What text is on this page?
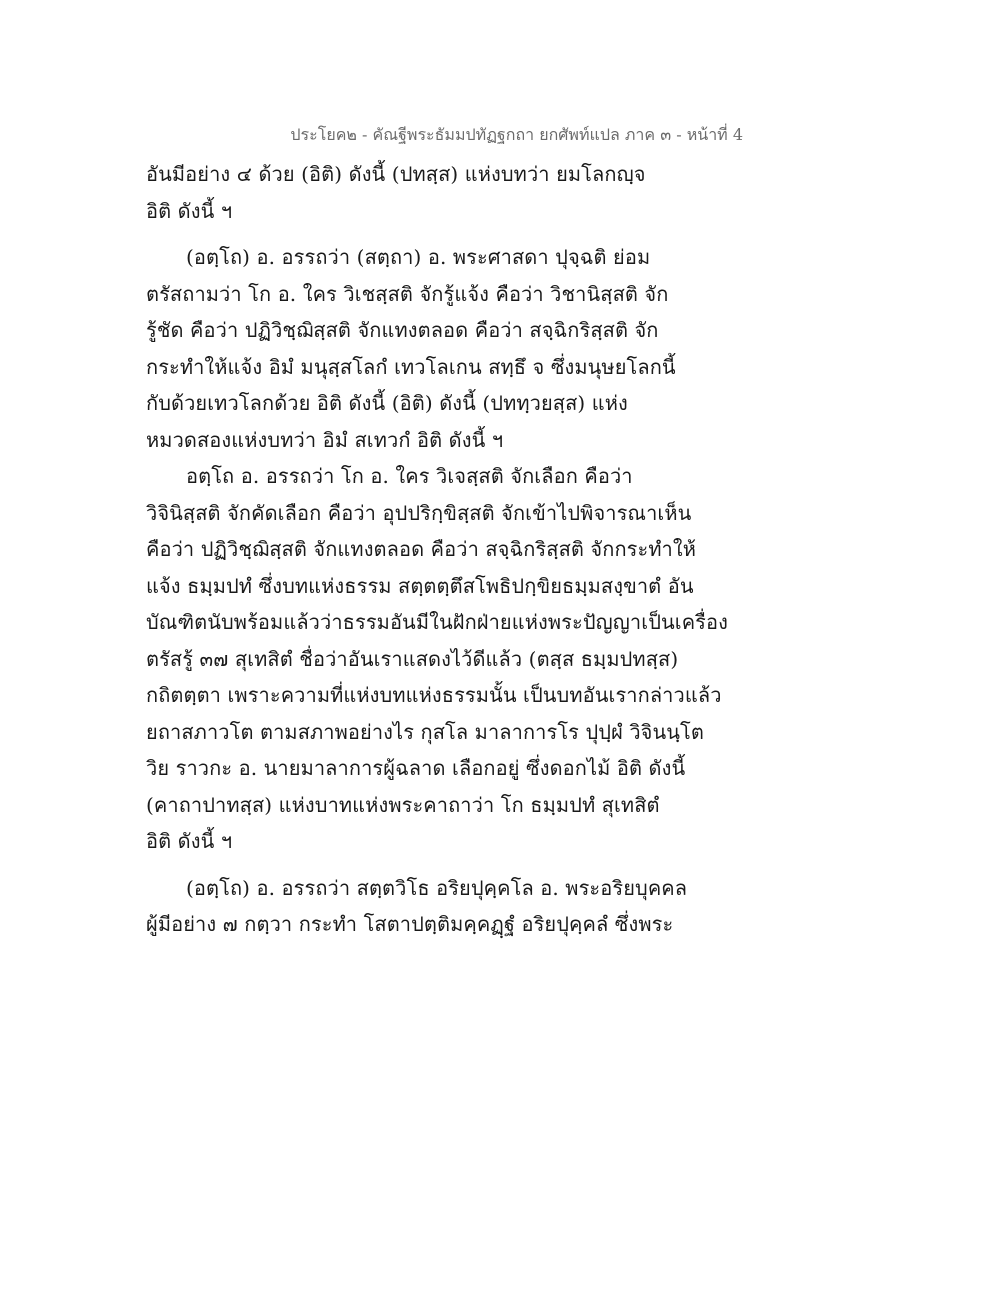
ประโยค๒ - คัณฐีพระธัมมปทัฏฐกถา ยกศัพท์แปล ภาค ๓ - หน้าที่ 4
อันมีอย่าง ๔ ด้วย (อิติ) ดังนี้ (ปทสฺส) แห่งบทว่า ยมโลกญฺจ
อิติ ดังนี้ ฯ
(อตฺโถ) อ. อรรถว่า (สตฺถา) อ. พระศาสดา ปุจฺฉติ ย่อม
ตรัสถามว่า โก อ. ใคร วิเชสฺสติ จักรู้แจ้ง คือว่า วิชานิสฺสติ จัก
รู้ชัด คือว่า ปฏิวิชฺฌิสฺสติ จักแทงตลอด คือว่า สจฺฉิกริสฺสติ จัก
กระทำให้แจ้ง อิมํ มนุสฺสโลกํ เทวโลเกน สทฺธึ จ ซึ่งมนุษยโลกนี้
กับด้วยเทวโลกด้วย อิติ ดังนี้ (อิติ) ดังนี้ (ปททฺวยสฺส) แห่ง
หมวดสองแห่งบทว่า อิมํ สเทวกํ อิติ ดังนี้ ฯ
อตฺโถ อ. อรรถว่า โก อ. ใคร วิเจสฺสติ จักเลือก คือว่า
วิจินิสฺสติ จักคัดเลือก คือว่า อุปปริกฺขิสฺสติ จักเข้าไปพิจารณาเห็น
คือว่า ปฏิวิชฺฌิสฺสติ จักแทงตลอด คือว่า สจฺฉิกริสฺสติ จักกระทำให้
แจ้ง ธมฺมปทํ ซึ่งบทแห่งธรรม สตฺตตฺตึสโพธิปกฺขิยธมฺมสงฺขาตํ อัน
บัณฑิตนับพร้อมแล้วว่าธรรมอันมีในฝักฝ่ายแห่งพระปัญญาเป็นเครื่อง
ตรัสรู้ ๓๗ สุเทสิตํ ชื่อว่าอันเราแสดงไว้ดีแล้ว (ตสฺส ธมฺมปทสฺส)
กถิตตฺตา เพราะความที่แห่งบทแห่งธรรมนั้น เป็นบทอันเรากล่าวแล้ว
ยถาสภาวโต ตามสภาพอย่างไร กุสโล มาลาการโร ปุปฺผํ วิจินนฺโต
วิย ราวกะ อ. นายมาลาการผู้ฉลาด เลือกอยู่ ซึ่งดอกไม้ อิติ ดังนี้
(คาถาปาทสฺส) แห่งบาทแห่งพระคาถาว่า โก ธมฺมปทํ สุเทสิตํ
อิติ ดังนี้ ฯ
(อตฺโถ) อ. อรรถว่า สตฺตวิโธ อริยปุคฺคโล อ. พระอริยบุคคล
ผู้มีอย่าง ๗ กตฺวา กระทำ โสตาปตฺติมคฺคฏฺฐํ อริยปุคฺคลํ ซึ่งพระ
